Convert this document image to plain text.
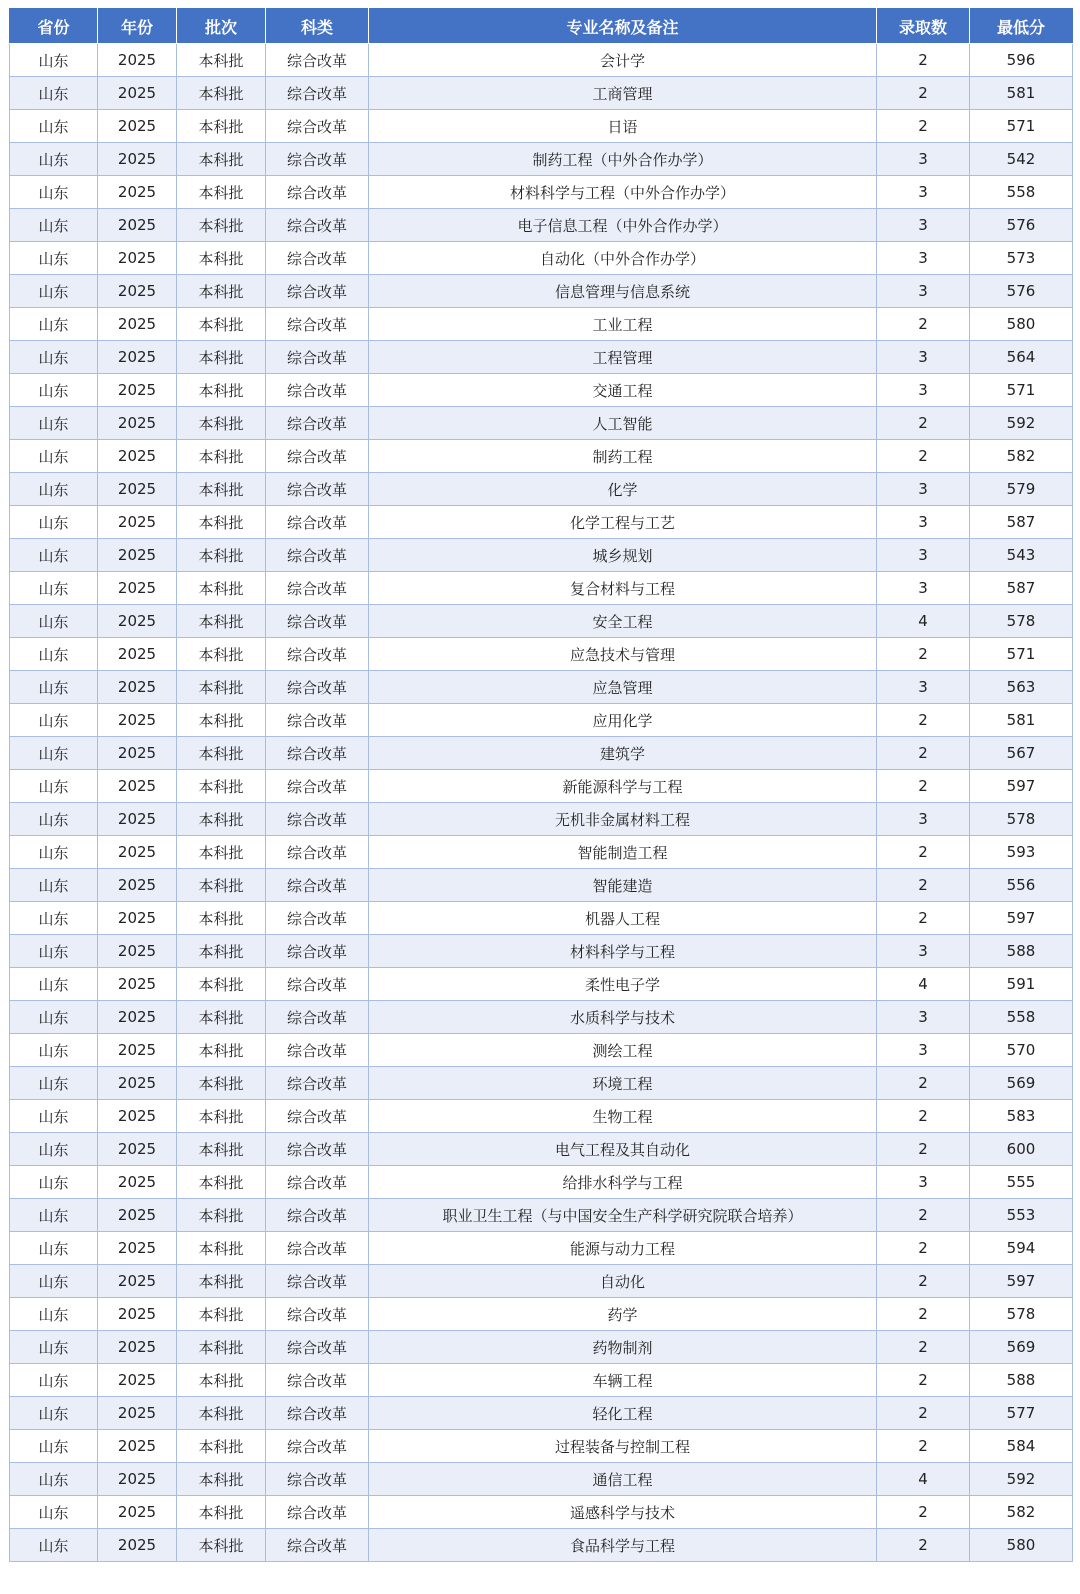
省份	年份	批次	科类	专业名称及备注	录取数	最低分
山东	2025	本科批	综合改革	会计学	2	596
山东	2025	本科批	综合改革	工商管理	2	581
山东	2025	本科批	综合改革	日语	2	571
山东	2025	本科批	综合改革	制药工程（中外合作办学）	3	542
山东	2025	本科批	综合改革	材料科学与工程（中外合作办学）	3	558
山东	2025	本科批	综合改革	电子信息工程（中外合作办学）	3	576
山东	2025	本科批	综合改革	自动化（中外合作办学）	3	573
山东	2025	本科批	综合改革	信息管理与信息系统	3	576
山东	2025	本科批	综合改革	工业工程	2	580
山东	2025	本科批	综合改革	工程管理	3	564
山东	2025	本科批	综合改革	交通工程	3	571
山东	2025	本科批	综合改革	人工智能	2	592
山东	2025	本科批	综合改革	制药工程	2	582
山东	2025	本科批	综合改革	化学	3	579
山东	2025	本科批	综合改革	化学工程与工艺	3	587
山东	2025	本科批	综合改革	城乡规划	3	543
山东	2025	本科批	综合改革	复合材料与工程	3	587
山东	2025	本科批	综合改革	安全工程	4	578
山东	2025	本科批	综合改革	应急技术与管理	2	571
山东	2025	本科批	综合改革	应急管理	3	563
山东	2025	本科批	综合改革	应用化学	2	581
山东	2025	本科批	综合改革	建筑学	2	567
山东	2025	本科批	综合改革	新能源科学与工程	2	597
山东	2025	本科批	综合改革	无机非金属材料工程	3	578
山东	2025	本科批	综合改革	智能制造工程	2	593
山东	2025	本科批	综合改革	智能建造	2	556
山东	2025	本科批	综合改革	机器人工程	2	597
山东	2025	本科批	综合改革	材料科学与工程	3	588
山东	2025	本科批	综合改革	柔性电子学	4	591
山东	2025	本科批	综合改革	水质科学与技术	3	558
山东	2025	本科批	综合改革	测绘工程	3	570
山东	2025	本科批	综合改革	环境工程	2	569
山东	2025	本科批	综合改革	生物工程	2	583
山东	2025	本科批	综合改革	电气工程及其自动化	2	600
山东	2025	本科批	综合改革	给排水科学与工程	3	555
山东	2025	本科批	综合改革	职业卫生工程（与中国安全生产科学研究院联合培养）	2	553
山东	2025	本科批	综合改革	能源与动力工程	2	594
山东	2025	本科批	综合改革	自动化	2	597
山东	2025	本科批	综合改革	药学	2	578
山东	2025	本科批	综合改革	药物制剂	2	569
山东	2025	本科批	综合改革	车辆工程	2	588
山东	2025	本科批	综合改革	轻化工程	2	577
山东	2025	本科批	综合改革	过程装备与控制工程	2	584
山东	2025	本科批	综合改革	通信工程	4	592
山东	2025	本科批	综合改革	遥感科学与技术	2	582
山东	2025	本科批	综合改革	食品科学与工程	2	580
